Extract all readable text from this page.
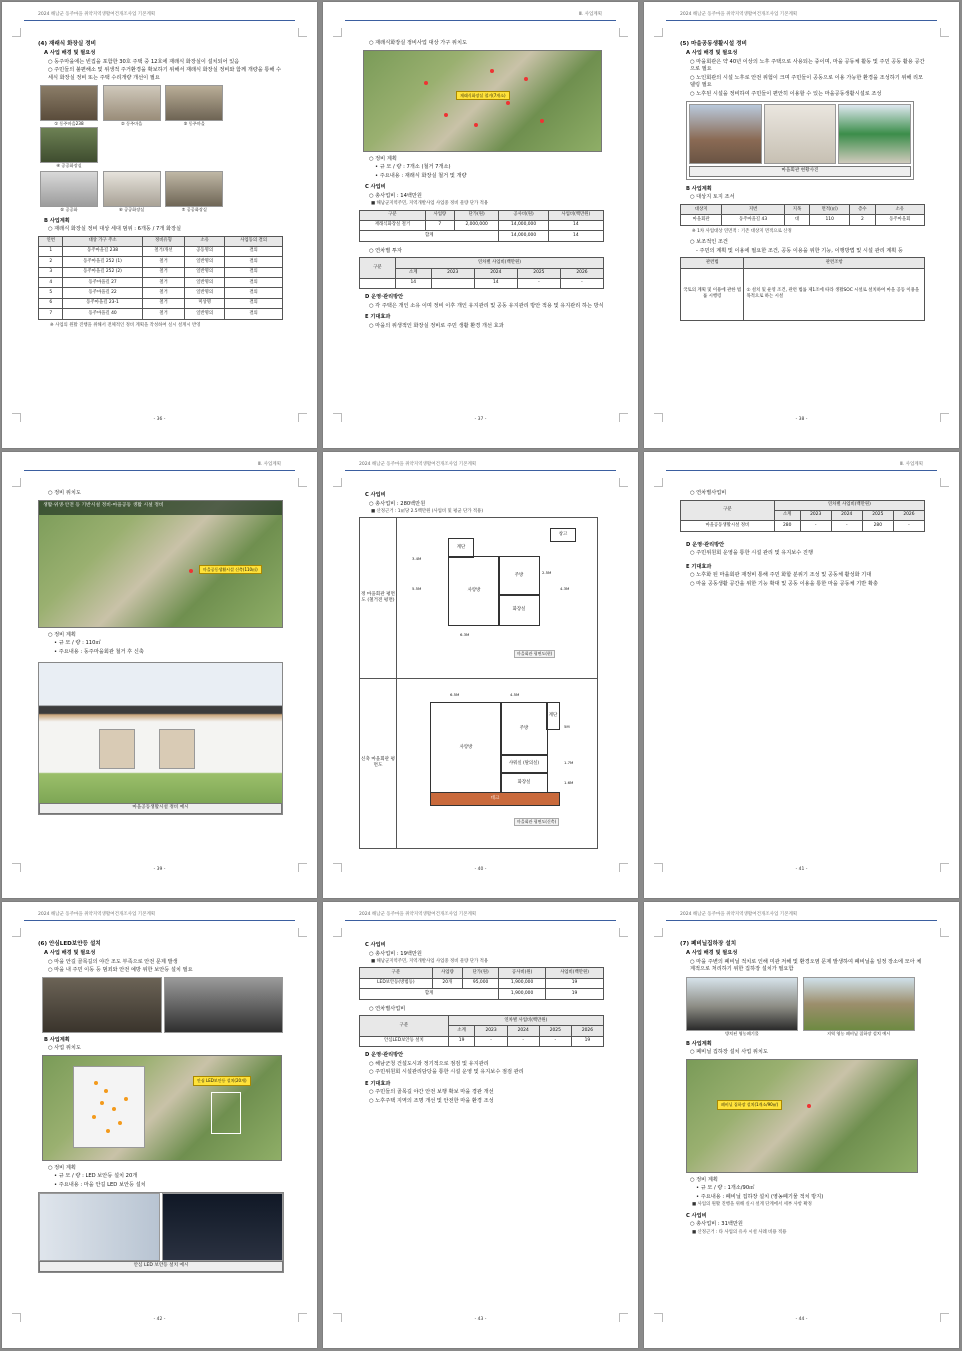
2024 해남군 동주마을 취약지역생활여건개조사업 기본계획
(4) 재래식 화장실 정비
A 사업 배경 및 필요성
○ 동주마을에는 빈집을 포함한 30호 주택 중 12호에 재래식 화장실이 설치되어 있음
○ 주민들의 불편해소 및 위생적 주거환경을 확보하기 위해서 재래식 화장실 정비와 함께 개량을 통해 수세식 화장실 정비 또는 주택 수리개량 개선이 필요
① 동주마을238
	② 동주마을
	③ 동주마을

④ 공공화장실
⑤ 공공화
	⑥ 공공화장실
	⑦ 공공화장실
B 사업계획
○ 재래식 화장실 정비 대상 세대 범위 : 6개동 / 7개 화장실
연번	대상 가구 주소	정비유형	소유	사업동의 결의
1	동주마을길 238	철거/개선	공동명의	결의
2	동주마을길 252 (1)	철거	일반명의	결의
3	동주마을길 252 (2)	철거	일반명의	결의
4	동주마을길 27	철거	일반명의	결의
5	동주마을길 22	철거	일반명의	결의
6	동주마을길 23-1	철거	미상명	결의
7	동주마을길 40	철거	일반명의	결의
※ 사업의 원활 진행을 위해서 전체적인 정비 계획을 작성하여 실시 설계시 반영
- 36 -
Ⅲ. 사업계획
○ 재래식화장실 정비사업 대상 가구 위치도
재래식화장실 철거(7개소)
○ 정비 계획
• 규 모 / 량 : 7개소 (철거 7개소)
• 주요내용 : 재래식 화장실 철거 및 개량
C 사업비
○ 총사업비 : 14백만원
■ 해남군지역주민, 지역개발사업 사업중 정비 물량 단가 적용
구분	사업량	단가(원)	공사비(원)	사업비(백만원)
재래식화장실 철거	7	2,000,000	14,000,000	14
합계			14,000,000	14
○ 연차별 투자
구분	연차별 사업비(백만원)				
	소계	2023	2024	2025	2026
	14		14	-	-
D 운영·관리방안
○ 각 주택은 개인 소유 이며 정비 이후 개인 유지관리 및 공동 유지관리 방안 적용 및 유지관리 하는 방식
E 기대효과
○ 마을의 위생적인 화장실 정비로 주민 생활 환경 개선 효과
- 37 -
2024 해남군 동주마을 취약지역생활여건개조사업 기본계획
(5) 마을공동생활시설 정비
A 사업 배경 및 필요성
○ 마을회관은 약 40년 이상의 노후 주택으로 사용되는 중이며, 마을 공동체 활동 및 주민 공동 활용 공간으로 필요
○ 노인회관의 시설 노후로 안전 위험이 크며 주민들이 공동으로 이용 가능한 환경을 조성하기 위해 리모델링 필요
○ 노후된 시설을 정비하여 주민들이 편안히 이용할 수 있는 마을공동생활시설로 조성
마을회관 현황사진
B 사업계획
○ 대상지 토지 조서
대상지	지번	지목	면적(㎡)	층수	소유
마을회관	동주마을길 43	대	110	2	동주마을회
※ 1차 사업대상 연면적 : 기존 대상지 면적으로 산정
○ 보조적인 조건
- 주민의 계획 및 이용에 필요한 조건, 공동 이용을 위한 기능, 이행방법 및 시설 관리 계획 등
관련법	관련조항
국토의 계획 및 이용에 관한 법률 시행령	① 설치 및 운영 조건, 관련 법률 제1조에 따라 생활SOC 시설로 설치하여 마을 공동 이용을 목적으로 하는 시설
- 38 -
Ⅲ. 사업계획
○ 정비 위치도
생활·위생·안전 등 기반시설 정비-마을공동 생활 시설 정비
마을공동생활시설 신축(110㎡)
○ 정비 계획
• 규 모 / 량 : 110㎡
• 주요내용 : 동주마을회관 철거 후 신축
마을공동생활시설 정비 예시
- 39 -
2024 해남군 동주마을 취약지역생활여건개조사업 기본계획
C 사업비
○ 총사업비 : 280백만원
■ 산정근거 : 1㎡당 2.5백만원 (사업비 및 평균 단가 적용)
정 마을회관 평면도 (철거전 평면)
신축 마을회관 평면도
사랑방
주방
화장실
창고
계단
5.5M
3.4M
6.3M
4.3M
2.5M
마을회관 평면도(현)
사랑방
주방
화장실
샤워실 (탈의실)
계단
데크
6.5M	4.5M
5M
1.7M
1.6M
마을회관 평면도(신축)
- 40 -
Ⅲ. 사업계획
○ 연차별사업비
구분	연차별 사업비(백만원)				
	소계	2023	2024	2025	2026
마을공동생활시설 정비	280	-	-	280	-
D 운영·관리방안
○ 주민위원회 운영을 통한 시설 관리 및 유지보수 진행
E 기대효과
○ 노후화 된 마을회관 재정비 통해 주민 화합 분위기 조성 및 공동체 활성화 기대
○ 마을 공동생활 공간을 위한 기능 확대 및 공동 이용을 통한 마을 공동체 기반 확충
- 41 -
2024 해남군 동주마을 취약지역생활여건개조사업 기본계획
(6) 안심LED보안등 설치
A 사업 배경 및 필요성
○ 마을 안길 골목길의 야간 조도 부족으로 안전 문제 발생
○ 마을 내 주민 이동 등 범죄와 안전 예방 위한 보안등 설치 필요
B 사업계획
○ 사업 위치도
안심 LED보안등 설치(20개)
○ 정비 계획
• 규 모 / 량 : LED 보안등 설치 20개
• 주요내용 : 마을 안길 LED 보안등 설치
안심 LED 보안등 설치 예시
- 42 -
2024 해남군 동주마을 취약지역생활여건개조사업 기본계획
C 사업비
○ 총사업비 : 19백만원
■ 해남군지역주민, 지역개발사업 사업중 정비 물량 단가 적용
구분	사업량	단가(원)	공사비(원)	사업비(백만원)
LED보안등(방범등)	20개	95,000	1,900,000	19
합계			1,900,000	19
○ 연차별사업비
구분	연차별 사업비(백만원)				
	소계	2023	2024	2025	2026
안심LED보안등 설치	19	-	-	-	19
D 운영·관리방안
○ 해남군청 건설도시과 정기적으로 점검 및 유지관리
○ 주민위원회 시설관리담당을 통한 시설 운영 및 유지보수 점검 관리
E 기대효과
○ 주민들의 골목길 야간 안전 보행 확보 마을 경관 개선
○ 노후주택 지역의 조명 개선 및 안전한 마을 환경 조성
- 43 -
2024 해남군 동주마을 취약지역생활여건개조사업 기본계획
(7) 폐비닐집하장 설치
A 사업 배경 및 필요성
○ 마을 주변의 폐비닐 적치로 인해 미관 저해 및 환경오염 문제 발생하여 폐비닐을 일정 장소에 모아 체계적으로 처리하기 위한 집하장 설치가 필요함
방치된 영농폐기물
	지역 영농 폐비닐 집하장 설치 예시
B 사업계획
○ 폐비닐 집하장 설치 사업 위치도
폐비닐 집하장 설치(1개소/90㎡)
○ 정비 계획
• 규 모 / 량 : 1개소/90㎡
• 주요내용 : 폐비닐 집하장 설치 (영농폐기물 적치 방지)
■ 사업의 원활 진행을 위해 실시 설계 단계에서 세부 사항 확정
C 사업비
○ 총사업비 : 31백만원
■ 산정근거 : 타 사업의 유사 시설 사례 비용 적용
- 44 -
